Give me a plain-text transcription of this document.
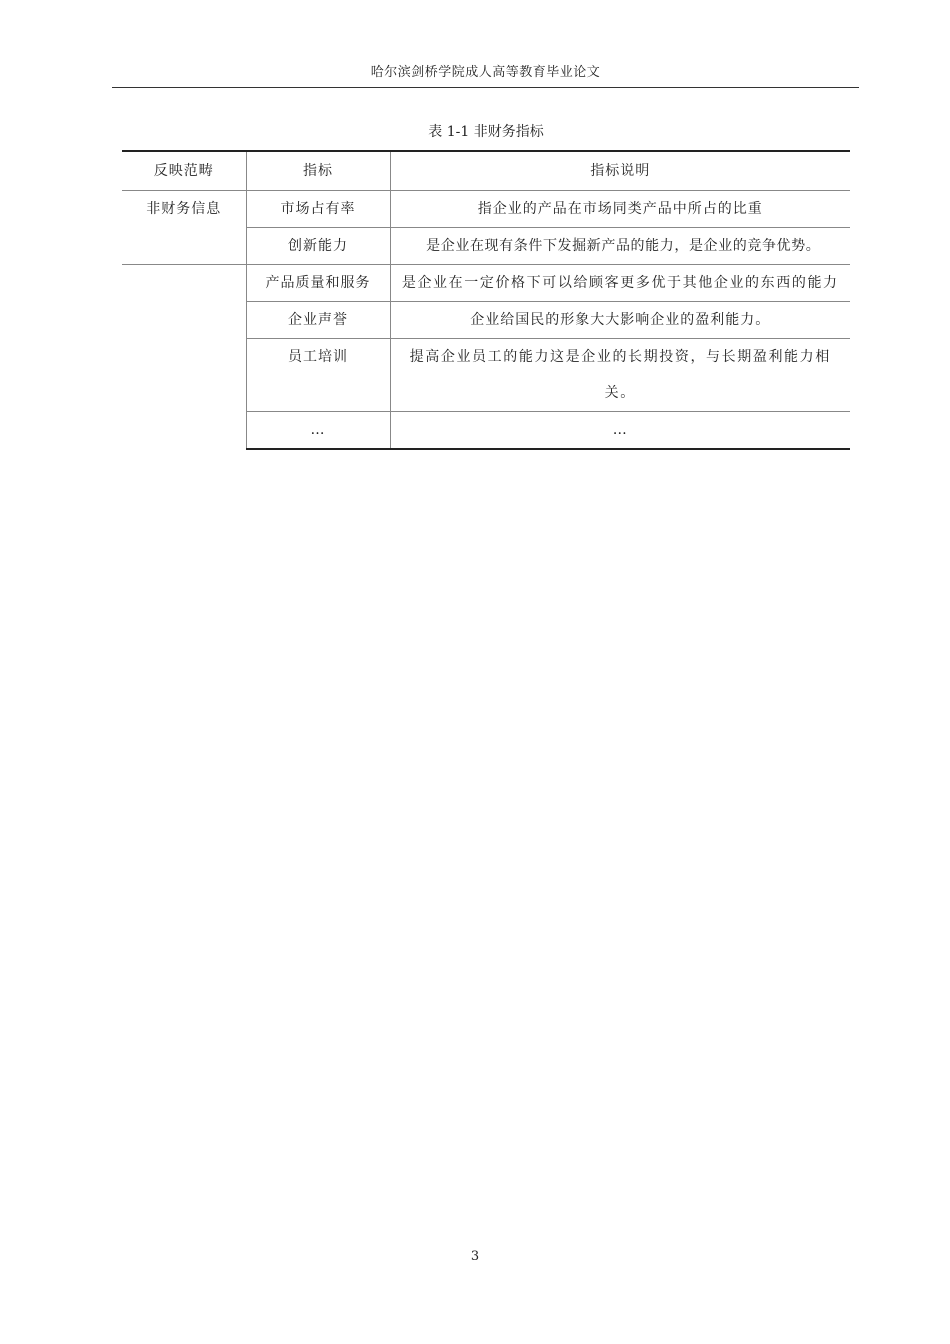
哈尔滨剑桥学院成人高等教育毕业论文
表 1-1 非财务指标
反映范畴	指标	指标说明
非财务信息	市场占有率	指企业的产品在市场同类产品中所占的比重
	创新能力	是企业在现有条件下发掘新产品的能力，是企业的竞争优势。
	产品质量和服务	是企业在一定价格下可以给顾客更多优于其他企业的东西的能力
	企业声誉	企业给国民的形象大大影响企业的盈利能力。
	员工培训	提高企业员工的能力这是企业的长期投资，与长期盈利能力相关。
	…	…
3
